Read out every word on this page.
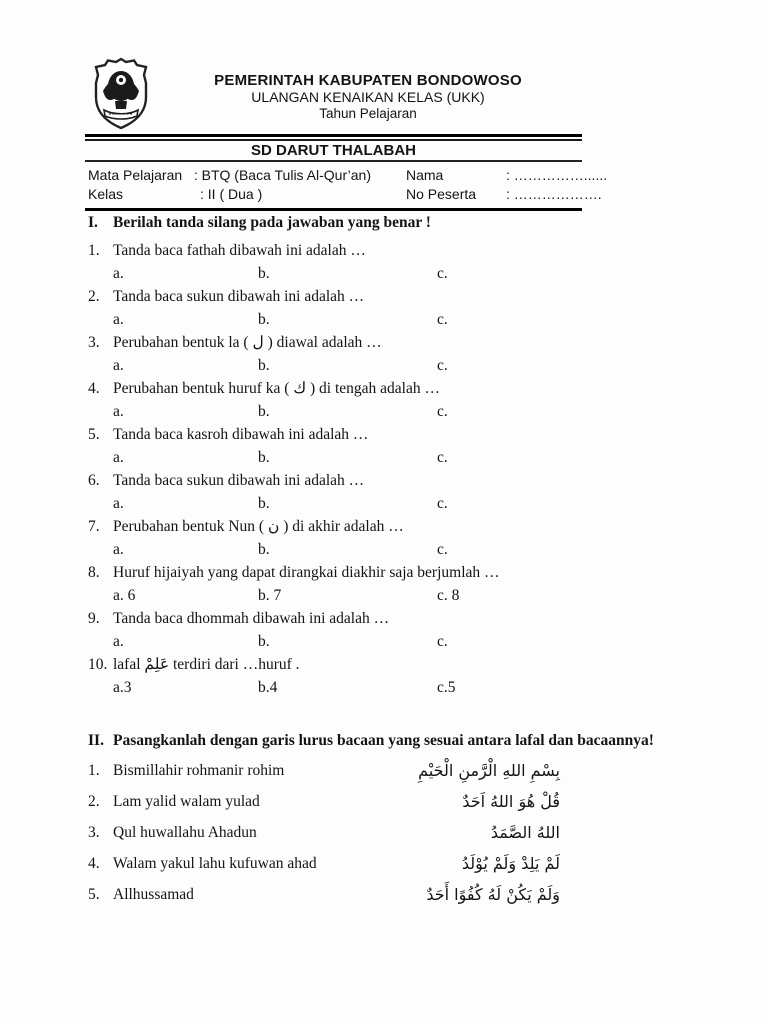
PEMERINTAH KABUPATEN BONDOWOSO
ULANGAN KENAIKAN KELAS (UKK)
Tahun Pelajaran
SD DARUT THALABAH
Mata Pelajaran : BTQ (Baca Tulis Al-Qur’an)
Kelas	: II ( Dua )
Nama	: ……………......
No Peserta	: ……………….
I. Berilah tanda silang pada jawaban yang benar !
1. Tanda baca fathah dibawah ini adalah …
a.	b.	c.
2. Tanda baca sukun dibawah ini adalah …
a.	b.	c.
3. Perubahan bentuk la ( ل ) diawal adalah …
a.	b.	c.
4. Perubahan bentuk huruf ka ( ك ) di tengah adalah …
a.	b.	c.
5. Tanda baca kasroh dibawah ini adalah …
a.	b.	c.
6. Tanda baca sukun dibawah ini adalah …
a.	b.	c.
7. Perubahan bentuk Nun ( ن ) di akhir adalah …
a.	b.	c.
8. Huruf hijaiyah yang dapat dirangkai diakhir saja berjumlah …
a. 6	b. 7	c. 8
9. Tanda baca dhommah dibawah ini adalah …
a.	b.	c.
10. lafal عَلِمْ terdiri dari …huruf .
a.3	b.4	c.5
II. Pasangkanlah dengan garis lurus bacaan yang sesuai antara lafal dan bacaannya!
1. Bismillahir rohmanir rohim	بِسْمِ اللهِ الْرَّمنِ الْحَيْمِ
2. Lam yalid walam yulad	قُلْ هُوَ اللهُ اَحَدٌ
3. Qul huwallahu Ahadun	اللهُ الصَّمَدُ
4. Walam yakul lahu kufuwan ahad	لَمْ يَلِدْ وَلَمْ يُوْلَدُ
5. Allhussamad	وَلَمْ يَكُنْ لَهُ كُفُوًا أَحَدٌ
